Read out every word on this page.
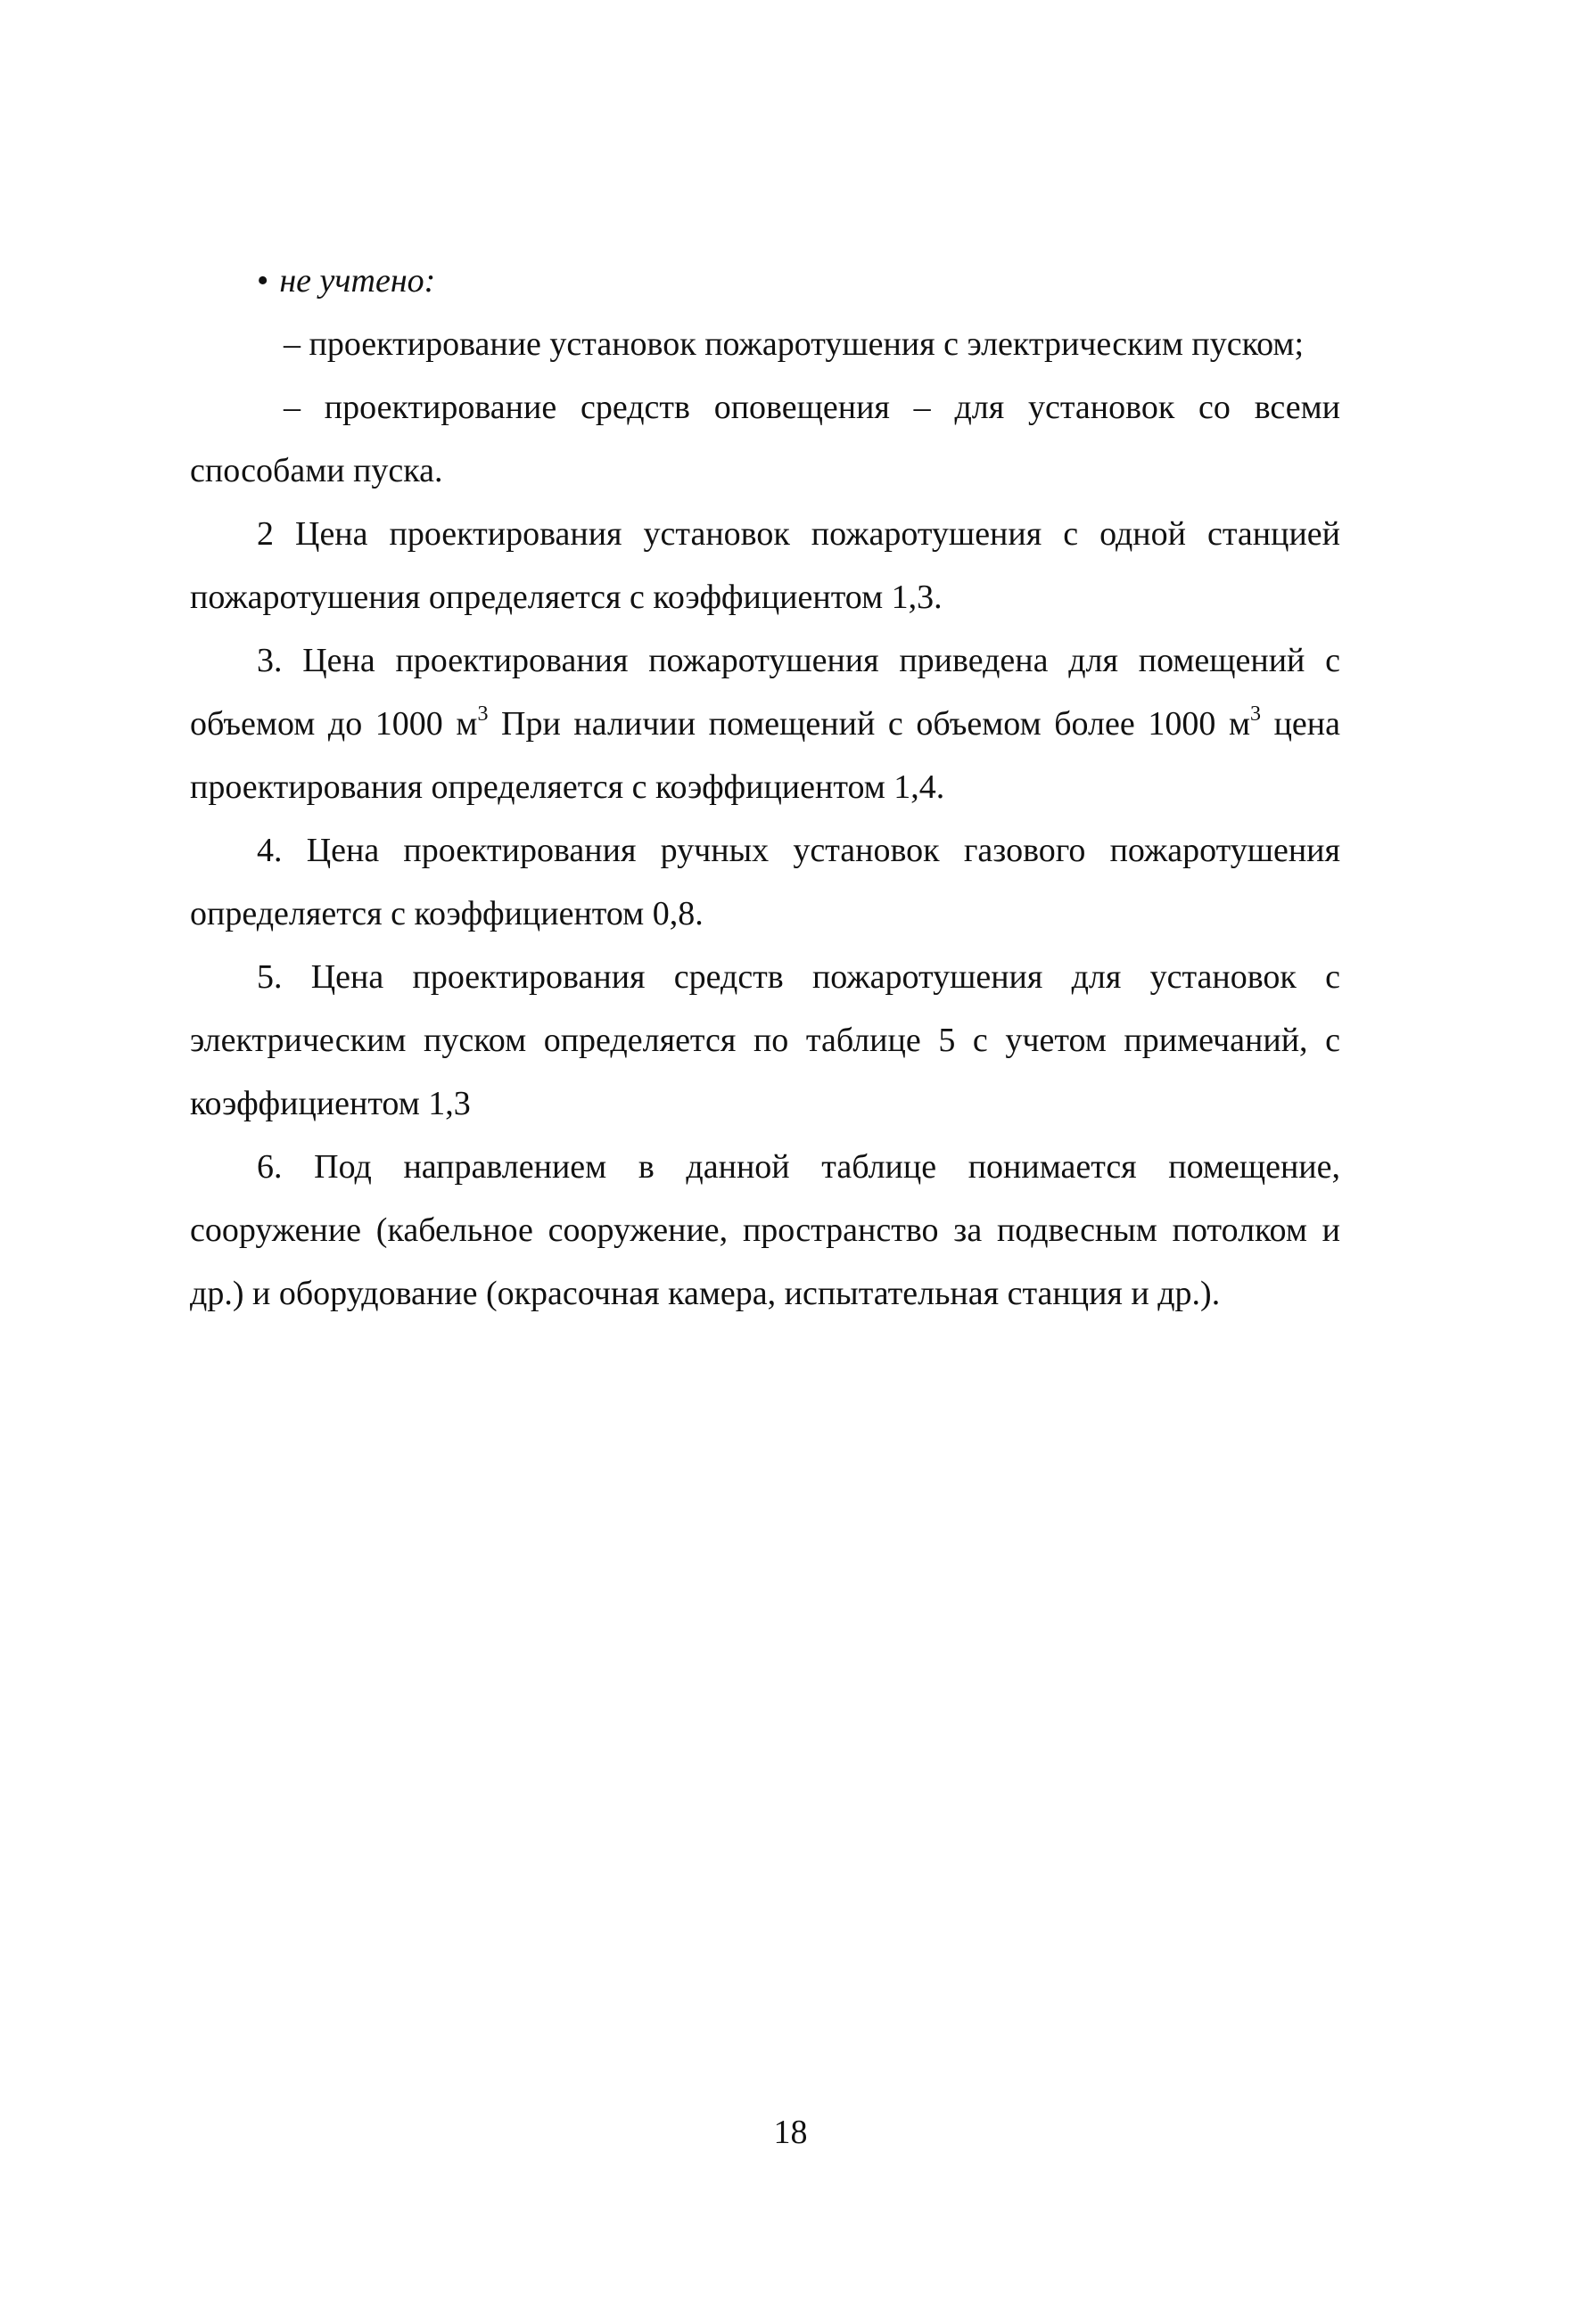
• не учтено:

– проектирование установок пожаротушения с электрическим пуском;

– проектирование средств оповещения – для установок со всеми способами пуска.

2 Цена проектирования установок пожаротушения с одной станцией пожаротушения определяется с коэффициентом 1,3.

3. Цена проектирования пожаротушения приведена для помещений с объемом до 1000 $м^3$ При наличии помещений с объемом более 1000 $м^3$ цена проектирования определяется с коэффициентом 1,4.

4. Цена проектирования ручных установок газового пожаротушения определяется с коэффициентом 0,8.

5. Цена проектирования средств пожаротушения для установок с электрическим пуском определяется по таблице 5 с учетом примечаний, с коэффициентом 1,3

6. Под направлением в данной таблице понимается помещение, сооружение (кабельное сооружение, пространство за подвесным потолком и др.) и оборудование (окрасочная камера, испытательная станция и др.).

18
